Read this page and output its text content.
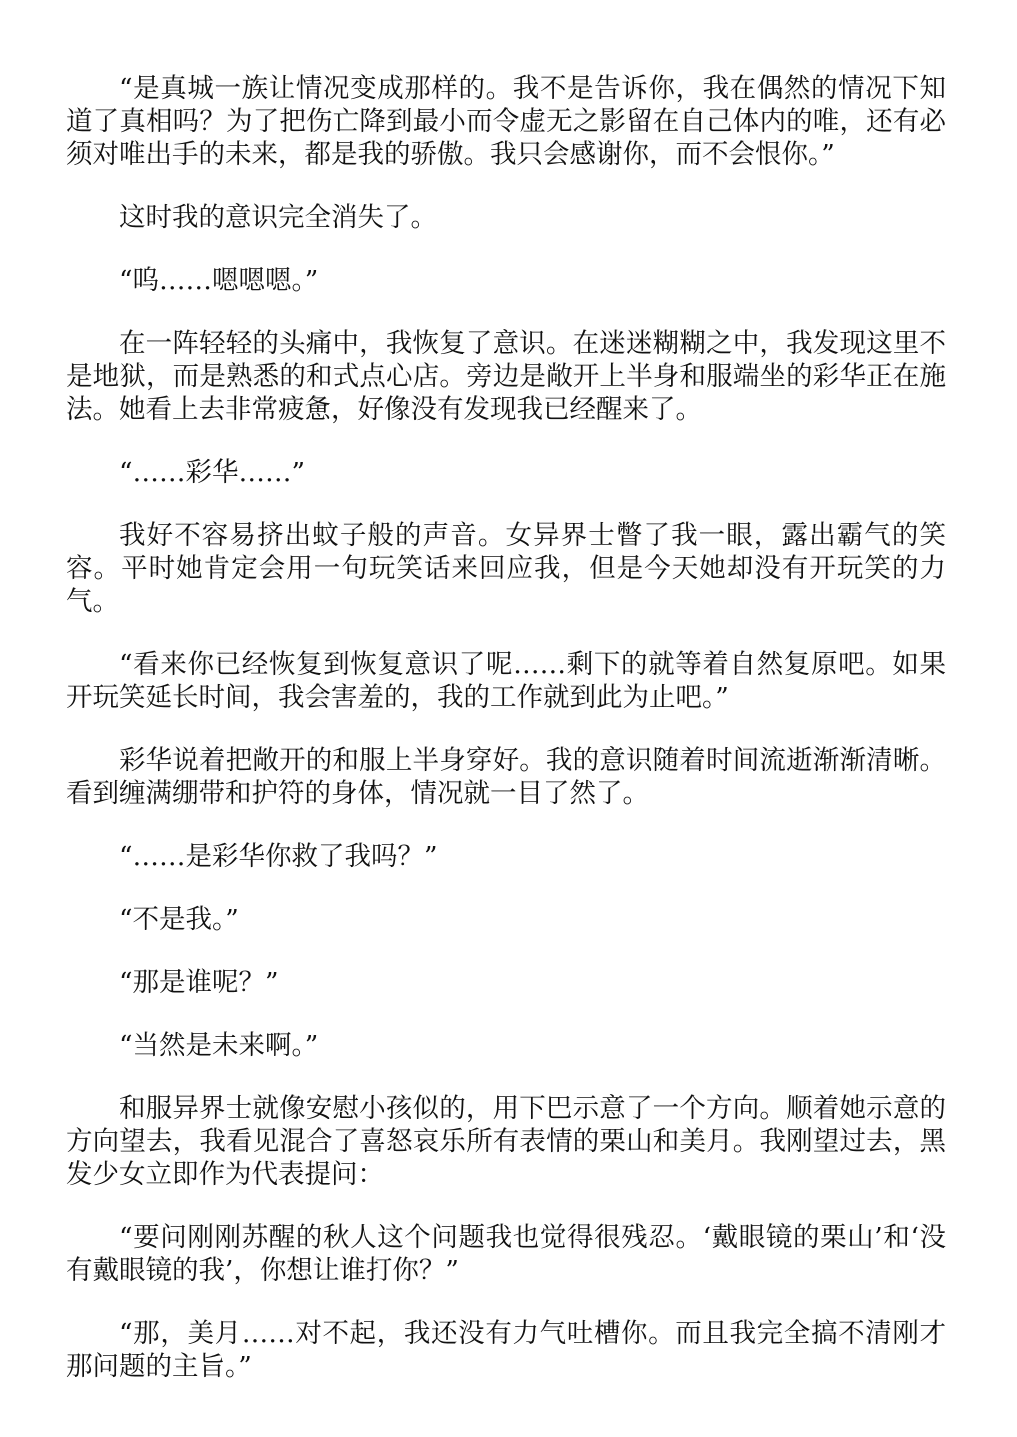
“是真城一族让情况变成那样的。我不是告诉你，我在偶然的情况下知道了真相吗？为了把伤亡降到最小而令虚无之影留在自己体内的唯，还有必须对唯出手的未来，都是我的骄傲。我只会感谢你，而不会恨你。”

这时我的意识完全消失了。

“呜……嗯嗯嗯。”

在一阵轻轻的头痛中，我恢复了意识。在迷迷糊糊之中，我发现这里不是地狱，而是熟悉的和式点心店。旁边是敞开上半身和服端坐的彩华正在施法。她看上去非常疲惫，好像没有发现我已经醒来了。

“……彩华……”

我好不容易挤出蚊子般的声音。女异界士瞥了我一眼，露出霸气的笑容。平时她肯定会用一句玩笑话来回应我，但是今天她却没有开玩笑的力气。

“看来你已经恢复到恢复意识了呢……剩下的就等着自然复原吧。如果开玩笑延长时间，我会害羞的，我的工作就到此为止吧。”

彩华说着把敞开的和服上半身穿好。我的意识随着时间流逝渐渐清晰。看到缠满绷带和护符的身体，情况就一目了然了。

“……是彩华你救了我吗？”

“不是我。”

“那是谁呢？”

“当然是未来啊。”

和服异界士就像安慰小孩似的，用下巴示意了一个方向。顺着她示意的方向望去，我看见混合了喜怒哀乐所有表情的栗山和美月。我刚望过去，黑发少女立即作为代表提问：

“要问刚刚苏醒的秋人这个问题我也觉得很残忍。‘戴眼镜的栗山’和‘没有戴眼镜的我’，你想让谁打你？”

“那，美月……对不起，我还没有力气吐槽你。而且我完全搞不清刚才那问题的主旨。”
